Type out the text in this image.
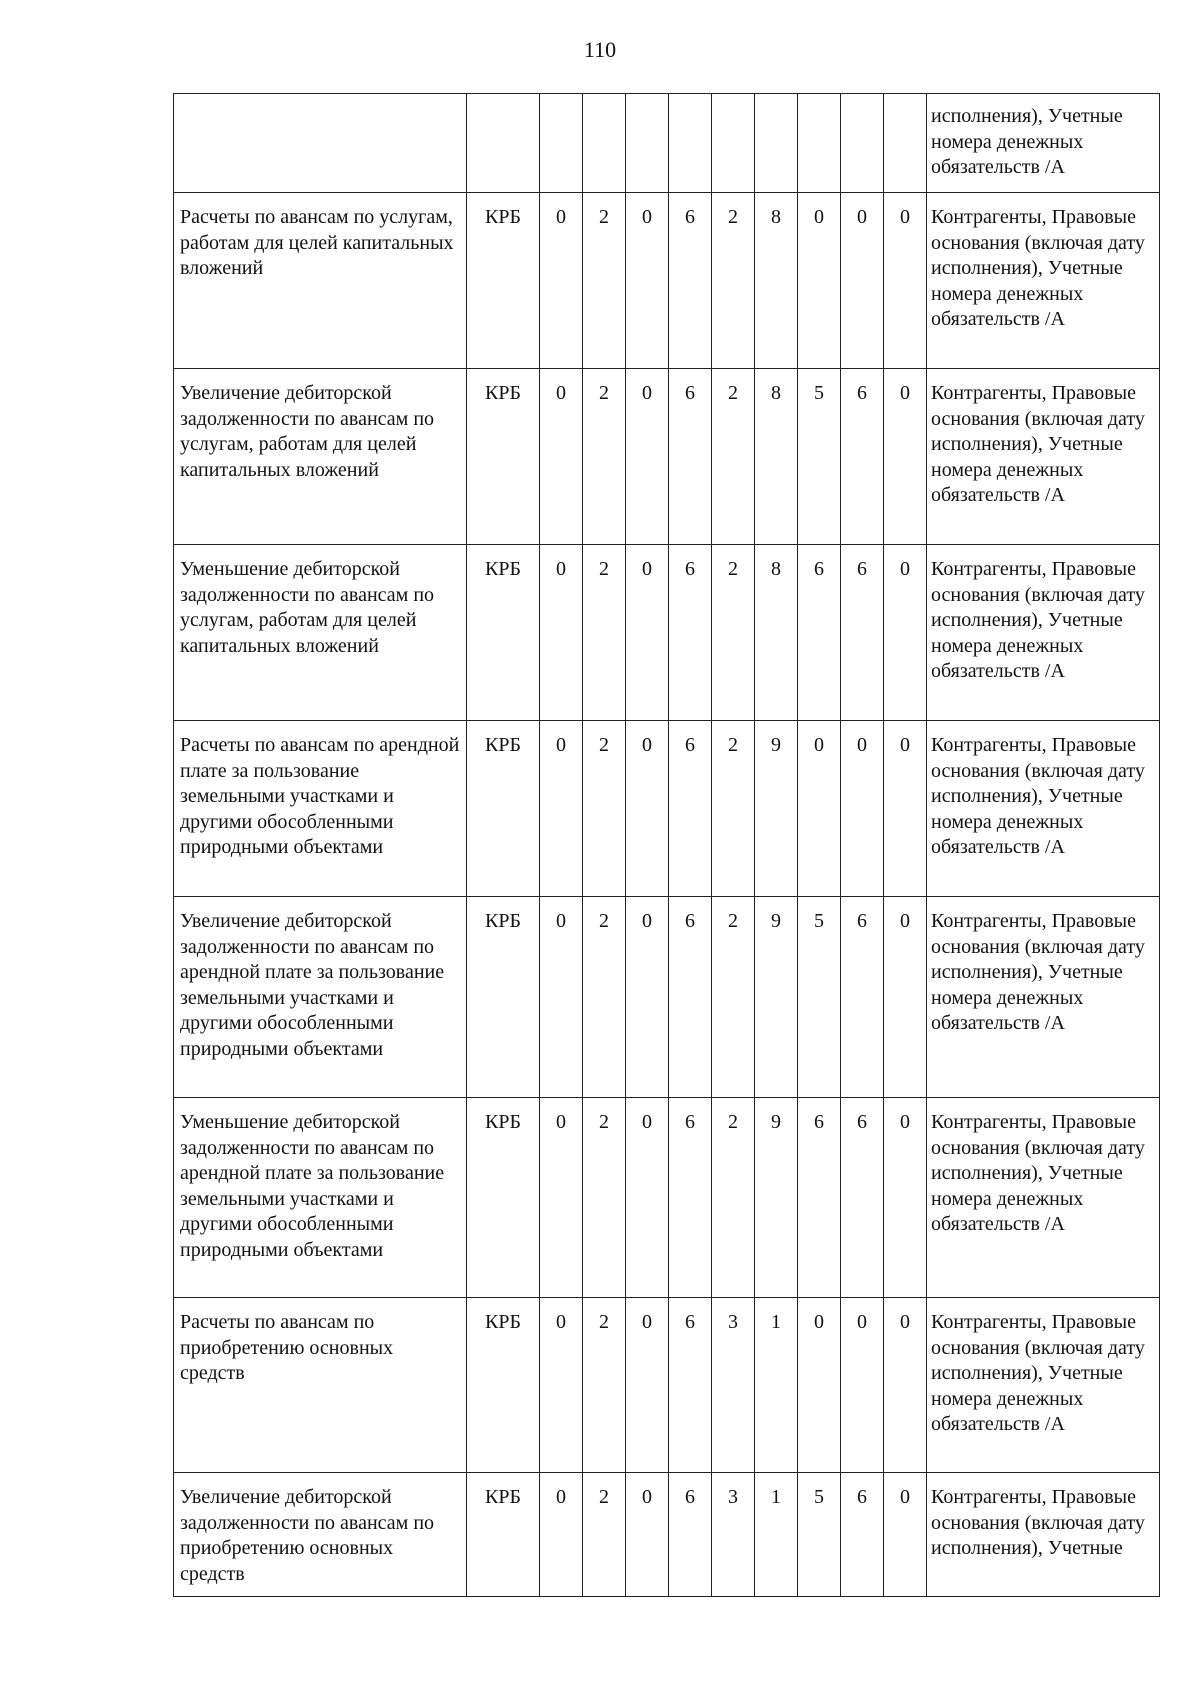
110
											исполнения), Учетные номера денежных обязательств /А
Расчеты по авансам по услугам, работам для целей капитальных вложений	КРБ	0	2	0	6	2	8	0	0	0	Контрагенты, Правовые основания (включая дату исполнения), Учетные номера денежных обязательств /А
Увеличение дебиторской задолженности по авансам по услугам, работам для целей капитальных вложений	КРБ	0	2	0	6	2	8	5	6	0	Контрагенты, Правовые основания (включая дату исполнения), Учетные номера денежных обязательств /А
Уменьшение дебиторской задолженности по авансам по услугам, работам для целей капитальных вложений	КРБ	0	2	0	6	2	8	6	6	0	Контрагенты, Правовые основания (включая дату исполнения), Учетные номера денежных обязательств /А
Расчеты по авансам по арендной плате за пользование земельными участками и другими обособленными природными объектами	КРБ	0	2	0	6	2	9	0	0	0	Контрагенты, Правовые основания (включая дату исполнения), Учетные номера денежных обязательств /А
Увеличение дебиторской задолженности по авансам по арендной плате за пользование земельными участками и другими обособленными природными объектами	КРБ	0	2	0	6	2	9	5	6	0	Контрагенты, Правовые основания (включая дату исполнения), Учетные номера денежных обязательств /А
Уменьшение дебиторской задолженности по авансам по арендной плате за пользование земельными участками и другими обособленными природными объектами	КРБ	0	2	0	6	2	9	6	6	0	Контрагенты, Правовые основания (включая дату исполнения), Учетные номера денежных обязательств /А
Расчеты по авансам по приобретению основных средств	КРБ	0	2	0	6	3	1	0	0	0	Контрагенты, Правовые основания (включая дату исполнения), Учетные номера денежных обязательств /А
Увеличение дебиторской задолженности по авансам по приобретению основных средств	КРБ	0	2	0	6	3	1	5	6	0	Контрагенты, Правовые основания (включая дату исполнения), Учетные
